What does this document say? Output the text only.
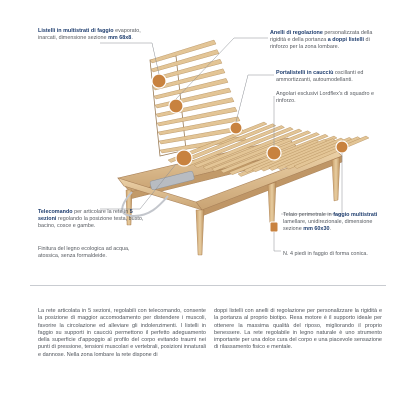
Listelli in multistrati di faggio evaporato, inarcati, dimensione sezione mm 68x8.
Anelli di regolazione personalizzata della rigidità e della portanza a doppi listelli di rinforzo per la zona lombare.
Portalistelli in caucciù oscillanti ed ammortizzanti, autoumodellanti.
Angolari esclusivi Lordflex's di squadro e rinforzo.
Telecomando per articolare la rete in 5 sezioni regolando la posizione testa, busto, bacino, cosce e gambe.
Finitura del legno ecologica ad acqua, atossica, senza formaldeide.
Telaio perimetrale in faggio multistrati lamellare, unidirezionale, dimensione sezione mm 60x30.
N. 4 piedi in faggio di forma conica.

La rete articolata in 5 sezioni, regolabili con telecomando, consente la posizione di maggior accomodamento per distendere i muscoli, favorire la circolazione ed alleviare gli indolenzimenti. I listelli in faggio su supporti in caucciù permettono il perfetto adeguamento della superficie d'appoggio al profilo del corpo evitando traumi nei punti di pressione, tensioni muscolari e vertebrali, posizioni innaturali e dannose. Nella zona lombare la rete dispone di

doppi listelli con anelli di regolazione per personalizzare la rigidità e la portanza al proprio biotipo. Rexa motore è il supporto ideale per ottenere la massima qualità del riposo, migliorando il proprio benessere. La rete regolabile in legno naturale è uno strumento importante per una dolce cura del corpo e una piacevole sensazione di rilassamento fisico e mentale.
